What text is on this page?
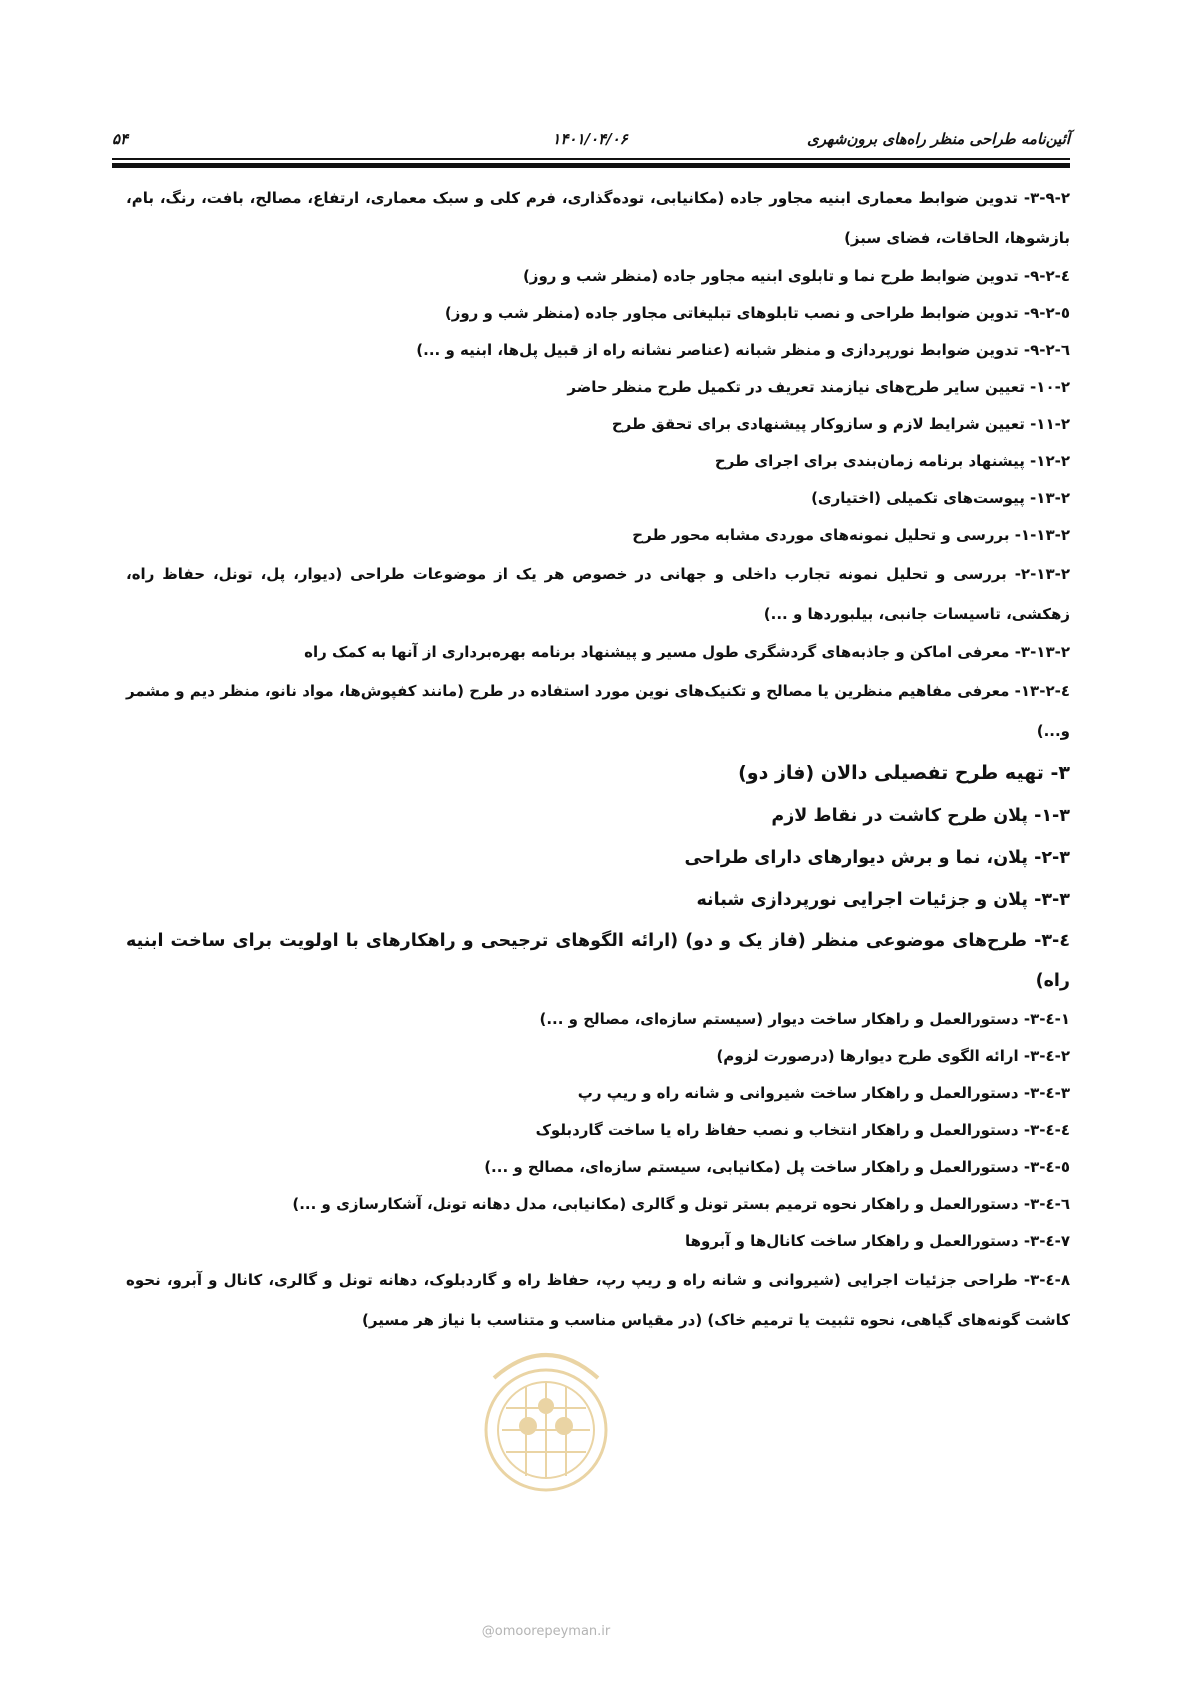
۵۴	۱۴۰۱/۰۴/۰۶	آئین‌نامه طراحی منظر راه‌های برون‌شهری
۳-۹-۲- تدوین ضوابط معماری ابنیه مجاور جاده (مکانیابی، توده‌گذاری، فرم کلی و سبک معماری، ارتفاع، مصالح، بافت، رنگ، بام، بازشوها، الحاقات، فضای سبز)
٤-۹-۲- تدوین ضوابط طرح نما و تابلوی ابنیه مجاور جاده (منظر شب و روز)
٥-۹-۲- تدوین ضوابط طراحی و نصب تابلوهای تبلیغاتی مجاور جاده (منظر شب و روز)
٦-۹-۲- تدوین ضوابط نورپردازی و منظر شبانه (عناصر نشانه راه از قبیل پل‌ها، ابنیه و ...)
۱۰-۲- تعیین سایر طرح‌های نیازمند تعریف در تکمیل طرح منظر حاضر
۱۱-۲- تعیین شرایط لازم و سازوکار پیشنهادی برای تحقق طرح
۱۲-۲- پیشنهاد برنامه زمان‌بندی برای اجرای طرح
۱۳-۲- پیوست‌های تکمیلی (اختیاری)
۱-۱۳-۲- بررسی و تحلیل نمونه‌های موردی مشابه محور طرح
۲-۱۳-۲- بررسی و تحلیل نمونه تجارب داخلی و جهانی در خصوص هر یک از موضوعات طراحی (دیوار، پل، تونل، حفاظ راه، زهکشی، تاسیسات جانبی، بیلبوردها و ...)
۳-۱۳-۲- معرفی اماکن و جاذبه‌های گردشگری طول مسیر و پیشنهاد برنامه بهره‌برداری از آنها به کمک راه
٤-۱۳-۲- معرفی مفاهیم منظرین یا مصالح و تکنیک‌های نوین مورد استفاده در طرح (مانند کفپوش‌ها، مواد نانو، منظر دیم و مشمر و...)
۳- تهیه طرح تفصیلی دالان (فاز دو)
۱-۳- پلان طرح کاشت در نقاط لازم
۲-۳- پلان، نما و برش دیوارهای دارای طراحی
۳-۳- پلان و جزئیات اجرایی نورپردازی شبانه
٤-۳- طرح‌های موضوعی منظر (فاز یک و دو) (ارائه الگوهای ترجیحی و راهکارهای با اولویت برای ساخت ابنیه راه)
۱-٤-۳- دستورالعمل و راهکار ساخت دیوار (سیستم سازه‌ای، مصالح و ...)
۲-٤-۳- ارائه الگوی طرح دیوارها (درصورت لزوم)
۳-٤-۳- دستورالعمل و راهکار ساخت شیروانی و شانه راه و ریپ رپ
٤-٤-۳- دستورالعمل و راهکار انتخاب و نصب حفاظ راه یا ساخت گاردبلوک
٥-٤-۳- دستورالعمل و راهکار ساخت پل (مکانیابی، سیستم سازه‌ای، مصالح و ...)
٦-٤-۳- دستورالعمل و راهکار نحوه ترمیم بستر تونل و گالری (مکانیابی، مدل دهانه تونل، آشکارسازی و ...)
۷-٤-۳- دستورالعمل و راهکار ساخت کانال‌ها و آبروها
۸-٤-۳- طراحی جزئیات اجرایی (شیروانی و شانه راه و ریپ رپ، حفاظ راه و گاردبلوک، دهانه تونل و گالری، کانال و آبرو، نحوه کاشت گونه‌های گیاهی، نحوه تثبیت یا ترمیم خاک) (در مقیاس مناسب و متناسب با نیاز هر مسیر)
@omoorepeyman.ir
